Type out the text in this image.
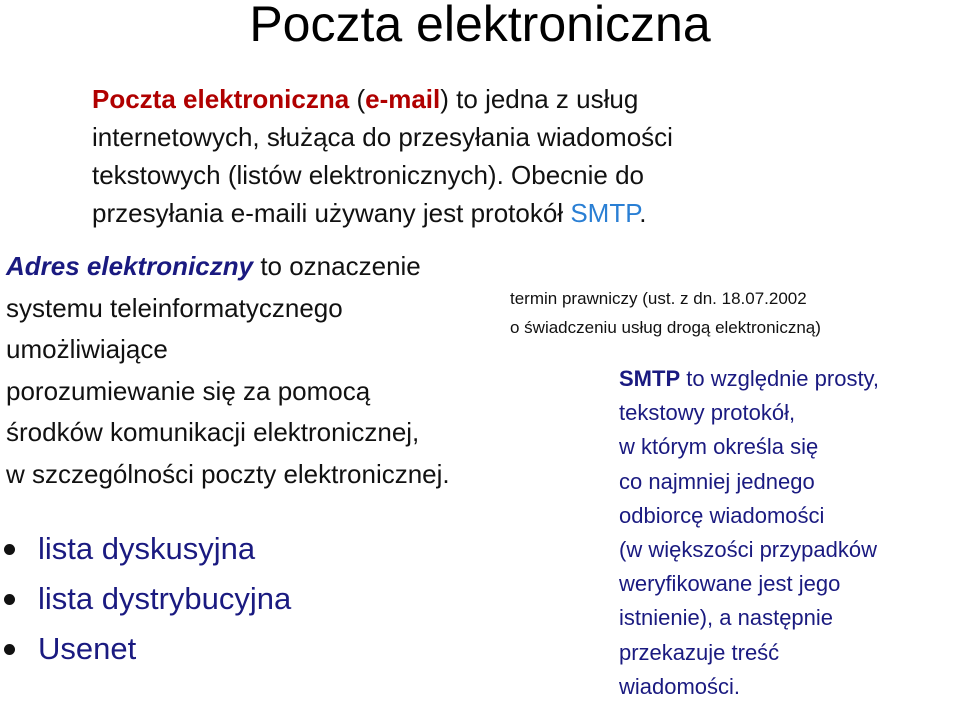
Poczta elektroniczna

Poczta elektroniczna (e-mail) to jedna z usług

internetowych, służąca do przesyłania wiadomości

tekstowych (listów elektronicznych). Obecnie do

przesyłania e-maili używany jest protokół SMTP.

Adres elektroniczny to oznaczenie

systemu teleinformatycznego

umożliwiające

porozumiewanie się za pomocą

środków komunikacji elektronicznej,

w szczególności poczty elektronicznej.

termin prawniczy (ust. z dn. 18.07.2002

o świadczeniu usług drogą elektroniczną)

SMTP to względnie prosty,

tekstowy protokół,

w którym określa się

co najmniej jednego

odbiorcę wiadomości

(w większości przypadków

weryfikowane jest jego

istnienie), a następnie

przekazuje treść

wiadomości.

lista dyskusyjna
lista dystrybucyjna
Usenet
